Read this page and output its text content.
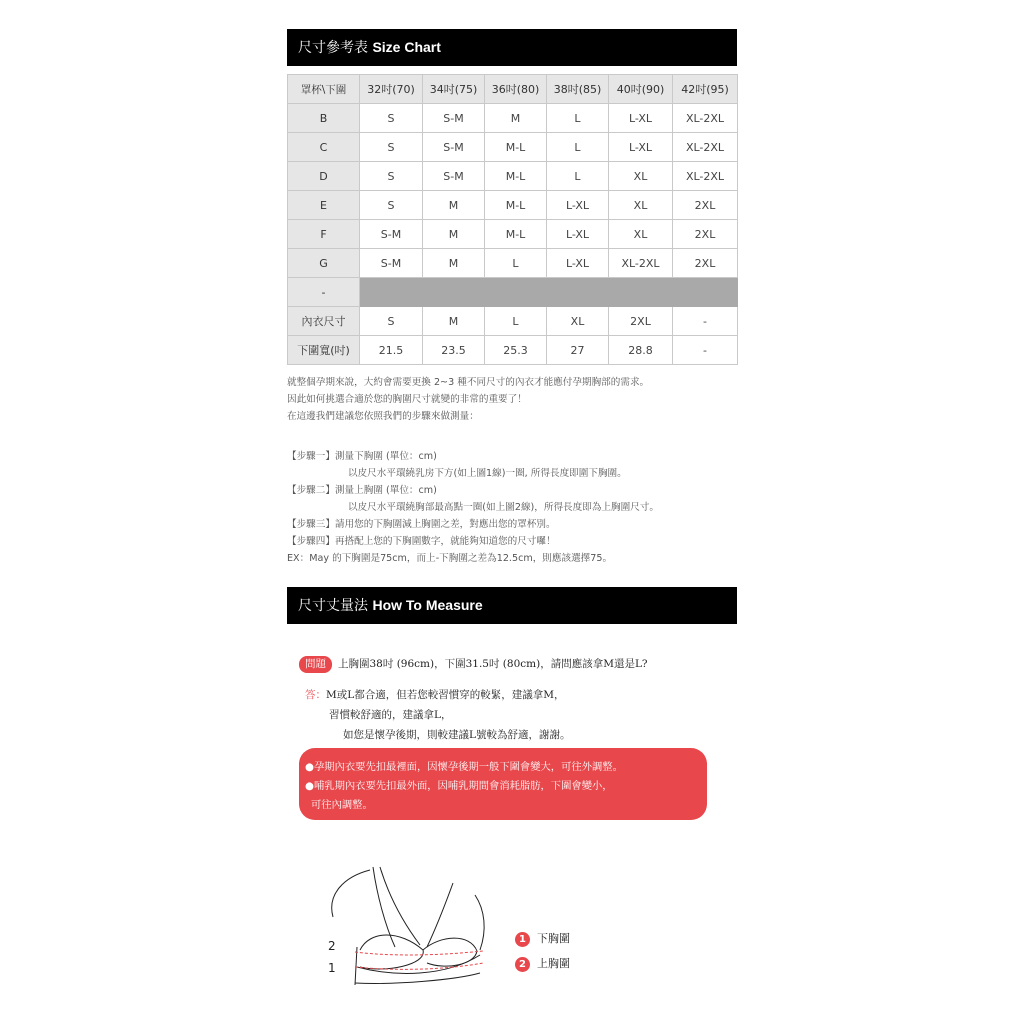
尺寸參考表 Size Chart
罩杯\下圍	32吋(70)	34吋(75)	36吋(80)	38吋(85)	40吋(90)	42吋(95)
B	S	S-M	M	L	L-XL	XL-2XL
C	S	S-M	M-L	L	L-XL	XL-2XL
D	S	S-M	M-L	L	XL	XL-2XL
E	S	M	M-L	L-XL	XL	2XL
F	S-M	M	M-L	L-XL	XL	2XL
G	S-M	M	L	L-XL	XL-2XL	2XL
-						
內衣尺寸	S	M	L	XL	2XL	-
下圍寬(吋)	21.5	23.5	25.3	27	28.8	-
就整個孕期來說，大約會需要更換 2~3 種不同尺寸的內衣才能應付孕期胸部的需求。
因此如何挑選合適於您的胸圍尺寸就變的非常的重要了！
在這邊我們建議您依照我們的步驟來做測量：
【步驟一】測量下胸圍 (單位：cm)
以皮尺水平環繞乳房下方(如上圖1線)一圈, 所得長度即圍下胸圍。
【步驟二】測量上胸圍 (單位：cm)
以皮尺水平環繞胸部最高點一圈(如上圖2線)，所得長度即為上胸圍尺寸。
【步驟三】請用您的下胸圍減上胸圍之差，對應出您的罩杯別。
【步驟四】再搭配上您的下胸圍數字，就能夠知道您的尺寸囉！
EX：May 的下胸圍是75cm，而上-下胸圍之差為12.5cm，則應該選擇75。
尺寸丈量法 How To Measure
問題 上胸圍38吋 (96cm)，下圍31.5吋 (80cm)，請問應該拿M還是L?
答：M或L都合適，但若您較習慣穿的較緊，建議拿M，
習慣較舒適的，建議拿L，
如您是懷孕後期，則較建議L號較為舒適，謝謝。
●孕期內衣要先扣最裡面，因懷孕後期一般下圍會變大，可往外調整。
●哺乳期內衣要先扣最外面，因哺乳期間會消耗脂肪，下圍會變小，
可往內調整。
2
1
1 下胸圍
2 上胸圍
